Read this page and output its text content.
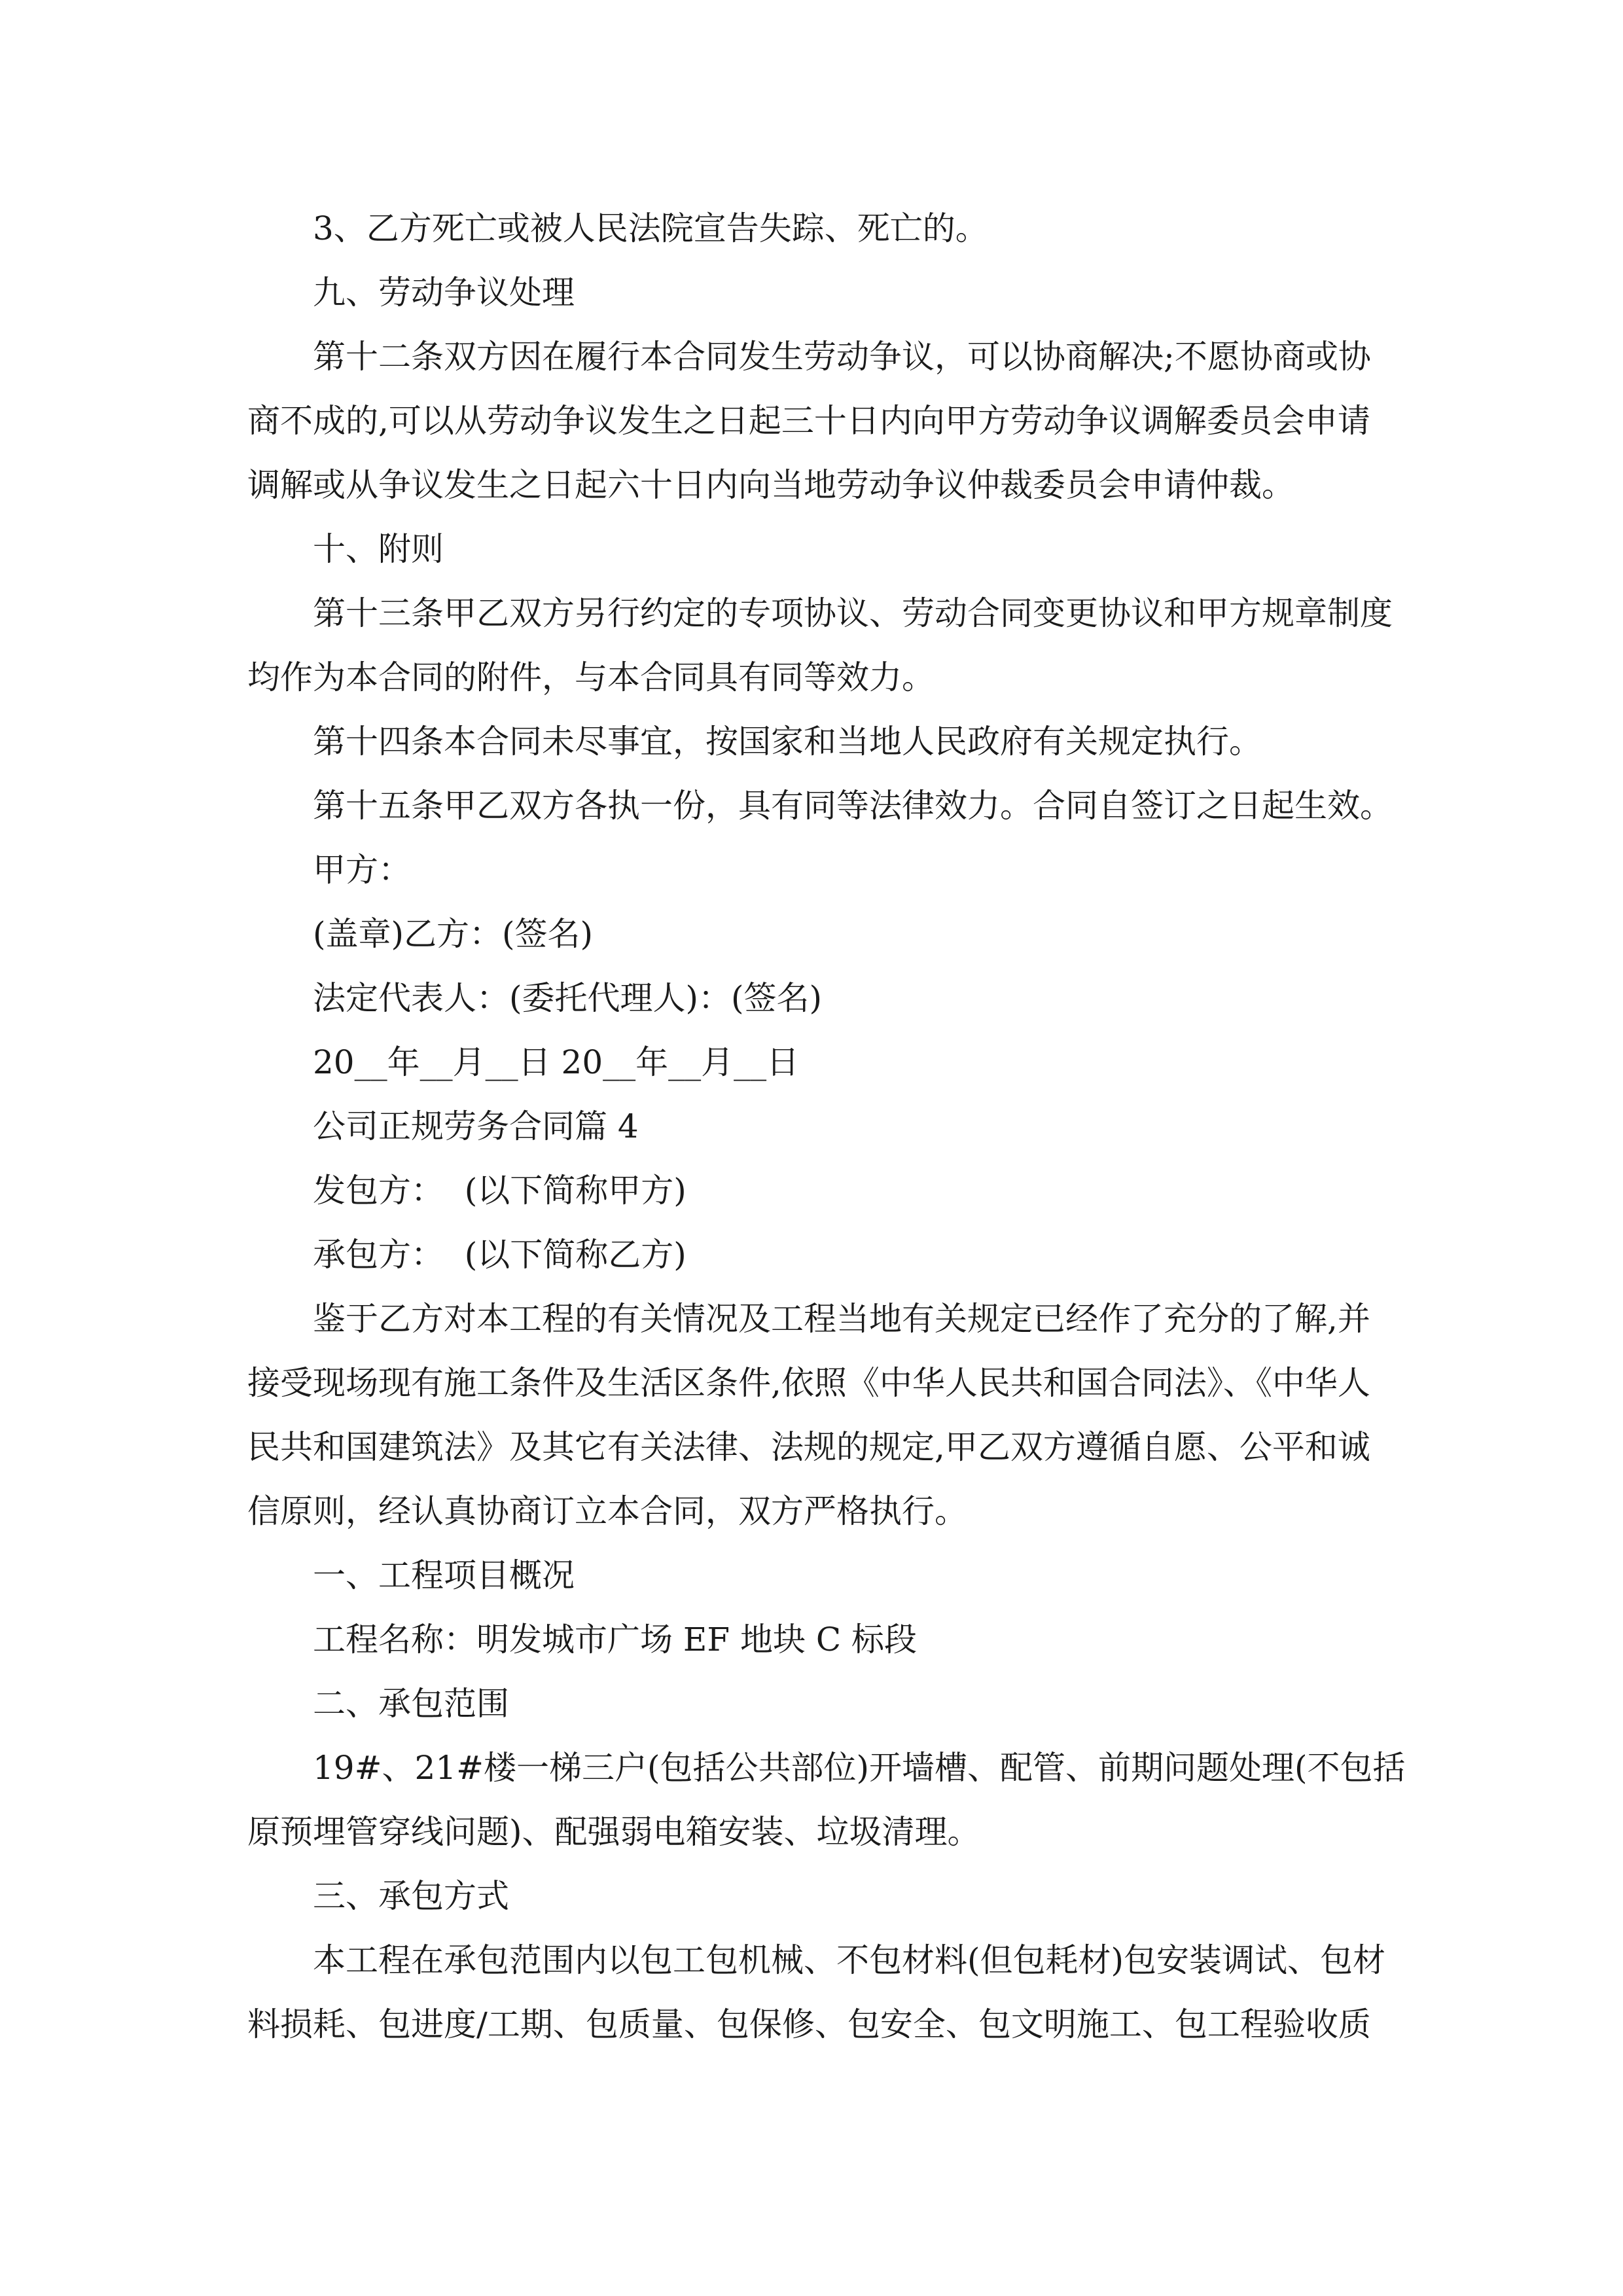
3、乙方死亡或被人民法院宣告失踪、死亡的。
九、劳动争议处理
第十二条双方因在履行本合同发生劳动争议，可以协商解决;不愿协商或协
商不成的,可以从劳动争议发生之日起三十日内向甲方劳动争议调解委员会申请
调解或从争议发生之日起六十日内向当地劳动争议仲裁委员会申请仲裁。
十、附则
第十三条甲乙双方另行约定的专项协议、劳动合同变更协议和甲方规章制度
均作为本合同的附件，与本合同具有同等效力。
第十四条本合同未尽事宜，按国家和当地人民政府有关规定执行。
第十五条甲乙双方各执一份，具有同等法律效力。合同自签订之日起生效。
甲方：
(盖章)乙方：(签名)
法定代表人：(委托代理人)：(签名)
20__年__月__日 20__年__月__日
公司正规劳务合同篇 4
发包方：  (以下简称甲方)
承包方：  (以下简称乙方)
鉴于乙方对本工程的有关情况及工程当地有关规定已经作了充分的了解,并
接受现场现有施工条件及生活区条件,依照《中华人民共和国合同法》、《中华人
民共和国建筑法》及其它有关法律、法规的规定,甲乙双方遵循自愿、公平和诚
信原则，经认真协商订立本合同，双方严格执行。
一、工程项目概况
工程名称：明发城市广场 EF 地块 C 标段
二、承包范围
19#、21#楼一梯三户(包括公共部位)开墙槽、配管、前期问题处理(不包括
原预埋管穿线问题)、配强弱电箱安装、垃圾清理。
三、承包方式
本工程在承包范围内以包工包机械、不包材料(但包耗材)包安装调试、包材
料损耗、包进度/工期、包质量、包保修、包安全、包文明施工、包工程验收质
